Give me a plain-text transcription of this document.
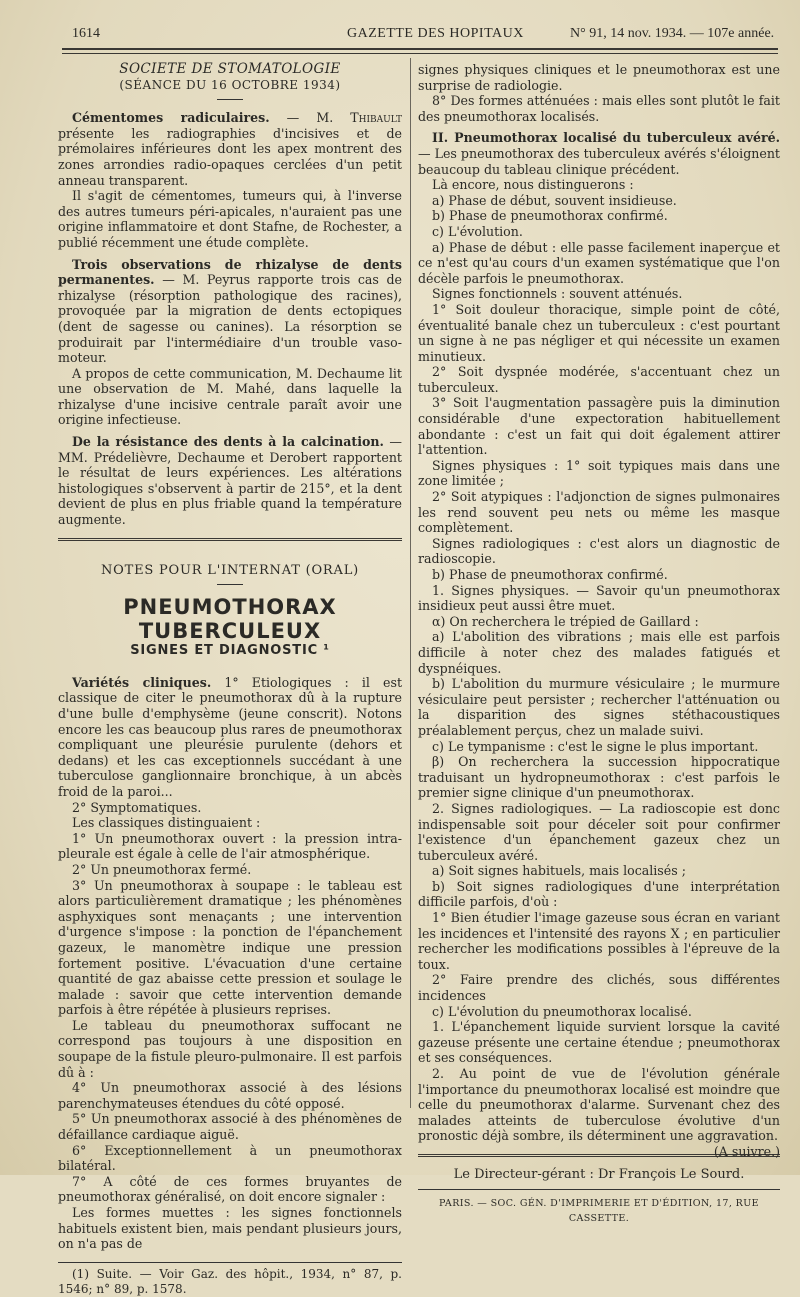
1614	GAZETTE DES HOPITAUX	N° 91, 14 nov. 1934. — 107e année.

SOCIETE DE STOMATOLOGIE

(SÉANCE DU 16 OCTOBRE 1934)

Cémentomes radiculaires. — M. Thibault présente les radiographies d'incisives et de prémolaires inférieures dont les apex montrent des zones arrondies radio-opaques cerclées d'un petit anneau transparent.

Il s'agit de cémentomes, tumeurs qui, à l'inverse des autres tumeurs péri-apicales, n'auraient pas une origine inflammatoire et dont Stafne, de Rochester, a publié récemment une étude complète.

Trois observations de rhizalyse de dents permanentes. — M. Peyrus rapporte trois cas de rhizalyse (résorption pathologique des racines), provoquée par la migration de dents ectopiques (dent de sagesse ou canines). La résorption se produirait par l'intermédiaire d'un trouble vaso-moteur.

A propos de cette communication, M. Dechaume lit une observation de M. Mahé, dans laquelle la rhizalyse d'une incisive centrale paraît avoir une origine infectieuse.

De la résistance des dents à la calcination. — MM. Prédelièvre, Dechaume et Derobert rapportent le résultat de leurs expériences. Les altérations histologiques s'observent à partir de 215°, et la dent devient de plus en plus friable quand la température augmente.

NOTES POUR L'INTERNAT (ORAL)

PNEUMOTHORAX TUBERCULEUX

SIGNES ET DIAGNOSTIC ¹

Variétés cliniques. 1° Etiologiques : il est classique de citer le pneumothorax dû à la rupture d'une bulle d'emphysème (jeune conscrit). Notons encore les cas beaucoup plus rares de pneumothorax compliquant une pleurésie purulente (dehors et dedans) et les cas exceptionnels succédant à une tuberculose ganglionnaire bronchique, à un abcès froid de la paroi...

2° Symptomatiques.

Les classiques distinguaient :

1° Un pneumothorax ouvert : la pression intra-pleurale est égale à celle de l'air atmosphérique.

2° Un pneumothorax fermé.

3° Un pneumothorax à soupape : le tableau est alors particulièrement dramatique ; les phénomènes asphyxiques sont menaçants ; une intervention d'urgence s'impose : la ponction de l'épanchement gazeux, le manomètre indique une pression fortement positive. L'évacuation d'une certaine quantité de gaz abaisse cette pression et soulage le malade : savoir que cette intervention demande parfois à être répétée à plusieurs reprises.

Le tableau du pneumothorax suffocant ne correspond pas toujours à une disposition en soupape de la fistule pleuro-pulmonaire. Il est parfois dû à :

4° Un pneumothorax associé à des lésions parenchymateuses étendues du côté opposé.

5° Un pneumothorax associé à des phénomènes de défaillance cardiaque aiguë.

6° Exceptionnellement à un pneumothorax bilatéral.

7° A côté de ces formes bruyantes de pneumothorax généralisé, on doit encore signaler :

Les formes muettes : les signes fonctionnels habituels existent bien, mais pendant plusieurs jours, on n'a pas de

(1) Suite. — Voir Gaz. des hôpit., 1934, n° 87, p. 1546; n° 89, p. 1578.

signes physiques cliniques et le pneumothorax est une surprise de radiologie.

8° Des formes atténuées : mais elles sont plutôt le fait des pneumothorax localisés.

II. Pneumothorax localisé du tuberculeux avéré. — Les pneumothorax des tuberculeux avérés s'éloignent beaucoup du tableau clinique précédent.

Là encore, nous distinguerons :

a) Phase de début, souvent insidieuse.

b) Phase de pneumothorax confirmé.

c) L'évolution.

a) Phase de début : elle passe facilement inaperçue et ce n'est qu'au cours d'un examen systématique que l'on décèle parfois le pneumothorax.

Signes fonctionnels : souvent atténués.

1° Soit douleur thoracique, simple point de côté, éventualité banale chez un tuberculeux : c'est pourtant un signe à ne pas négliger et qui nécessite un examen minutieux.

2° Soit dyspnée modérée, s'accentuant chez un tuberculeux.

3° Soit l'augmentation passagère puis la diminution considérable d'une expectoration habituellement abondante : c'est un fait qui doit également attirer l'attention.

Signes physiques : 1° soit typiques mais dans une zone limitée ;

2° Soit atypiques : l'adjonction de signes pulmonaires les rend souvent peu nets ou même les masque complètement.

Signes radiologiques : c'est alors un diagnostic de radioscopie.

b) Phase de pneumothorax confirmé.

1. Signes physiques. — Savoir qu'un pneumothorax insidieux peut aussi être muet.

α) On recherchera le trépied de Gaillard :

a) L'abolition des vibrations ; mais elle est parfois difficile à noter chez des malades fatigués et dyspnéiques.

b) L'abolition du murmure vésiculaire ; le murmure vésiculaire peut persister ; rechercher l'atténuation ou la disparition des signes stéthacoustiques préalablement perçus, chez un malade suivi.

c) Le tympanisme : c'est le signe le plus important.

β) On recherchera la succession hippocratique traduisant un hydropneumothorax : c'est parfois le premier signe clinique d'un pneumothorax.

2. Signes radiologiques. — La radioscopie est donc indispensable soit pour déceler soit pour confirmer l'existence d'un épanchement gazeux chez un tuberculeux avéré.

a) Soit signes habituels, mais localisés ;

b) Soit signes radiologiques d'une interprétation difficile parfois, d'où :

1° Bien étudier l'image gazeuse sous écran en variant les incidences et l'intensité des rayons X ; en particulier rechercher les modifications possibles à l'épreuve de la toux.

2° Faire prendre des clichés, sous différentes incidences

c) L'évolution du pneumothorax localisé.

1. L'épanchement liquide survient lorsque la cavité gazeuse présente une certaine étendue ; pneumothorax et ses conséquences.

2. Au point de vue de l'évolution générale l'importance du pneumothorax localisé est moindre que celle du pneumothorax d'alarme. Survenant chez des malades atteints de tuberculose évolutive d'un pronostic déjà sombre, ils déterminent une aggravation.
(A suivre.)

Le Directeur-gérant : Dr François Le Sourd.

PARIS. — SOC. GÉN. D'IMPRIMERIE ET D'ÉDITION, 17, RUE CASSETTE.
